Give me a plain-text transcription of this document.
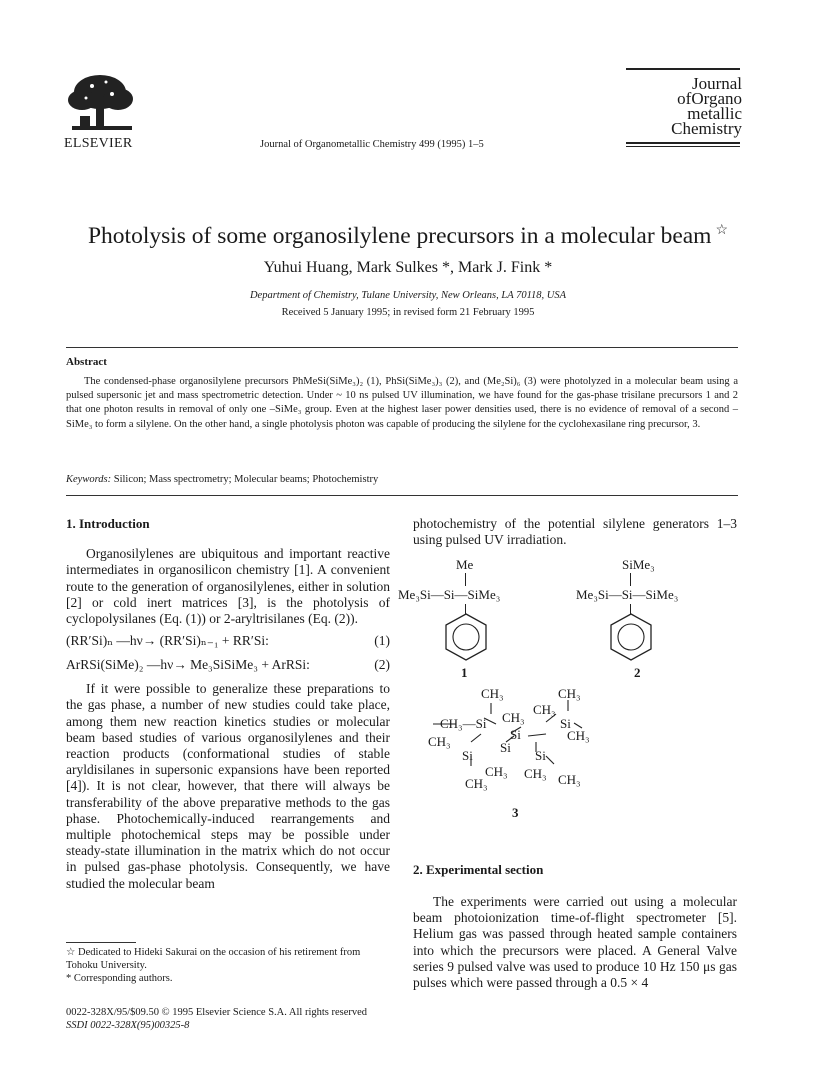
ELSEVIER	Journal of Organometallic Chemistry 499 (1995) 1–5
Journal
ofOrgano
metallic
Chemistry
Photolysis of some organosilylene precursors in a molecular beam ☆
Yuhui Huang, Mark Sulkes *, Mark J. Fink *
Department of Chemistry, Tulane University, New Orleans, LA 70118, USA
Received 5 January 1995; in revised form 21 February 1995
Abstract
The condensed-phase organosilylene precursors PhMeSi(SiMe₃)₂ (1), PhSi(SiMe₃)₃ (2), and (Me₂Si)₆ (3) were photolyzed in a molecular beam using a pulsed supersonic jet and mass spectrometric detection. Under ~ 10 ns pulsed UV illumination, we have found for the gas-phase trisilane precursors 1 and 2 that one photon results in removal of only one –SiMe₃ group. Even at the highest laser power densities used, there is no evidence of removal of a second –SiMe₃ to form a silylene. On the other hand, a single photolysis photon was capable of producing the silylene for the cyclohexasilane ring precursor, 3.
Keywords: Silicon; Mass spectrometry; Molecular beams; Photochemistry
1. Introduction

Organosilylenes are ubiquitous and important reactive intermediates in organosilicon chemistry [1]. A convenient route to the generation of organosilylenes, either in solution [2] or cold inert matrices [3], is the photolysis of cyclopolysilanes (Eq. (1)) or 2-aryltrisilanes (Eq. (2)).

(RR′Si)ₙ —hν→ (RR′Si)ₙ₋₁ + RR′Si:	(1)
ArRSi(SiMe)₂ —hν→ Me₃SiSiMe₃ + ArRSi:	(2)

If it were possible to generalize these preparations to the gas phase, a number of new studies could take place, among them new reaction kinetics studies or molecular beam based studies of various organosilylenes and their reaction products (conformational studies of stable aryldisilanes in supersonic expansions have been reported [4]). It is not clear, however, that there will always be transferability of the above preparative methods to the gas phase. Photochemically-induced rearrangements and multiple photochemical steps may be possible under steady-state illumination in the matrix which do not occur in pulsed gas-phase photolysis. Consequently, we have studied the molecular beam

☆ Dedicated to Hideki Sakurai on the occasion of his retirement from Tohoku University.
* Corresponding authors.
0022-328X/95/$09.50 © 1995 Elsevier Science S.A. All rights reserved
SSDI 0022-328X(95)00325-8

photochemistry of the potential silylene generators 1–3 using pulsed UV irradiation.

Me
Me₃Si—Si—SiMe₃
1
SiMe₃
Me₃Si—Si—SiMe₃
2
CH₃	CH₃
CH₃
CH₃—Si CH₃	Si
Si	CH₃
CH₃	Si
Si	Si
CH₃ CH₃ CH₃
CH₃
3
2. Experimental section

The experiments were carried out using a molecular beam photoionization time-of-flight spectrometer [5]. Helium gas was passed through heated sample containers into which the precursors were placed. A General Valve series 9 pulsed valve was used to produce 10 Hz 150 μs gas pulses which were passed through a 0.5 × 4
